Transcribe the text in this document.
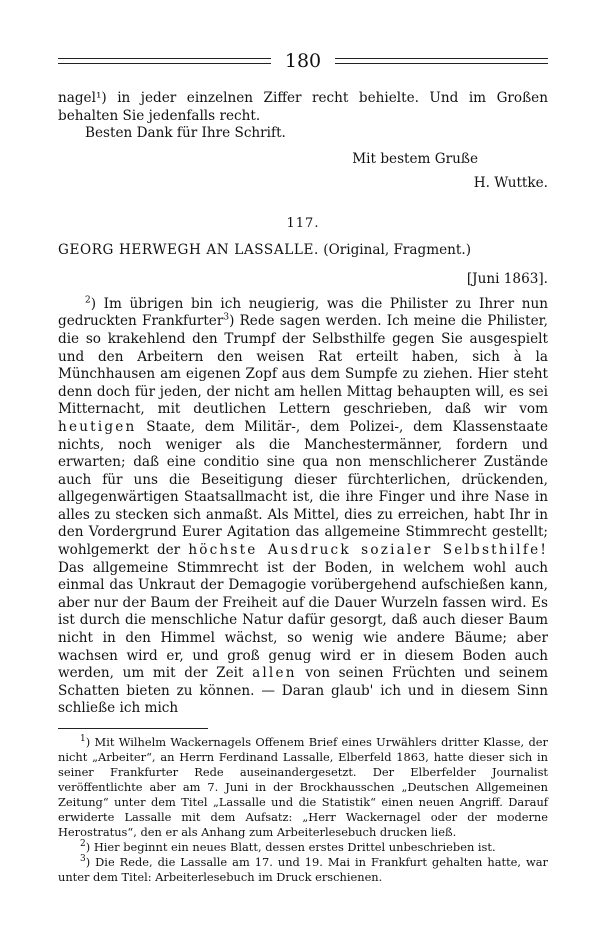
180

nagel¹) in jeder einzelnen Ziffer recht behielte. Und im Großen behalten Sie jedenfalls recht.

Besten Dank für Ihre Schrift.

Mit bestem Gruße

H. Wuttke.

117.
GEORG HERWEGH AN LASSALLE. (Original, Fragment.)
[Juni 1863].

$^2$) Im übrigen bin ich neugierig, was die Philister zu Ihrer nun gedruckten Frankfurter$^3$) Rede sagen werden. Ich meine die Philister, die so krakehlend den Trumpf der Selbsthilfe gegen Sie ausgespielt und den Arbeitern den weisen Rat erteilt haben, sich à la Münchhausen am eigenen Zopf aus dem Sumpfe zu ziehen. Hier steht denn doch für jeden, der nicht am hellen Mittag behaupten will, es sei Mitternacht, mit deutlichen Lettern geschrieben, daß wir vom heutigen Staate, dem Militär-, dem Polizei-, dem Klassenstaate nichts, noch weniger als die Manchestermänner, fordern und erwarten; daß eine conditio sine qua non menschlicherer Zustände auch für uns die Beseitigung dieser fürchterlichen, drückenden, allgegenwärtigen Staatsallmacht ist, die ihre Finger und ihre Nase in alles zu stecken sich anmaßt. Als Mittel, dies zu erreichen, habt Ihr in den Vordergrund Eurer Agitation das allgemeine Stimmrecht gestellt; wohlgemerkt der höchste Ausdruck sozialer Selbsthilfe! Das allgemeine Stimmrecht ist der Boden, in welchem wohl auch einmal das Unkraut der Demagogie vorübergehend aufschießen kann, aber nur der Baum der Freiheit auf die Dauer Wurzeln fassen wird. Es ist durch die menschliche Natur dafür gesorgt, daß auch dieser Baum nicht in den Himmel wächst, so wenig wie andere Bäume; aber wachsen wird er, und groß genug wird er in diesem Boden auch werden, um mit der Zeit allen von seinen Früchten und seinem Schatten bieten zu können. — Daran glaub' ich und in diesem Sinn schließe ich mich

$^1$) Mit Wilhelm Wackernagels Offenem Brief eines Urwählers dritter Klasse, der nicht „Arbeiter“, an Herrn Ferdinand Lassalle, Elberfeld 1863, hatte dieser sich in seiner Frankfurter Rede auseinandergesetzt. Der Elberfelder Journalist veröffentlichte aber am 7. Juni in der Brockhausschen „Deutschen Allgemeinen Zeitung“ unter dem Titel „Lassalle und die Statistik“ einen neuen Angriff. Darauf erwiderte Lassalle mit dem Aufsatz: „Herr Wackernagel oder der moderne Herostratus“, den er als Anhang zum Arbeiterlesebuch drucken ließ.

$^2$) Hier beginnt ein neues Blatt, dessen erstes Drittel unbeschrieben ist.

$^3$) Die Rede, die Lassalle am 17. und 19. Mai in Frankfurt gehalten hatte, war unter dem Titel: Arbeiterlesebuch im Druck erschienen.
